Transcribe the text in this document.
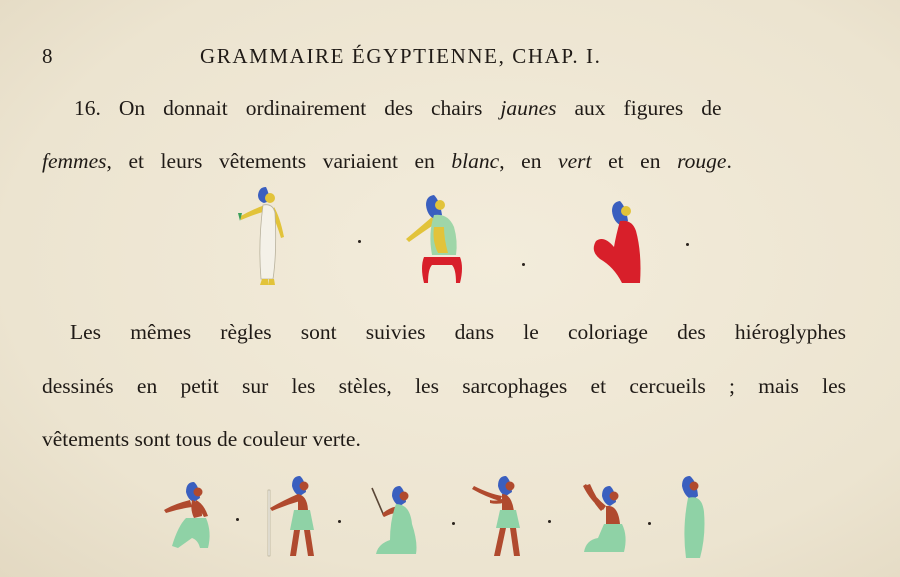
8	GRAMMAIRE ÉGYPTIENNE, CHAP. I.
16. On donnait ordinairement des chairs jaunes aux figures de
femmes, et leurs vêtements variaient en blanc, en vert et en rouge.
Les mêmes règles sont suivies dans le coloriage des hiéroglyphes
dessinés en petit sur les stèles, les sarcophages et cercueils ; mais les
vêtements sont tous de couleur verte.
